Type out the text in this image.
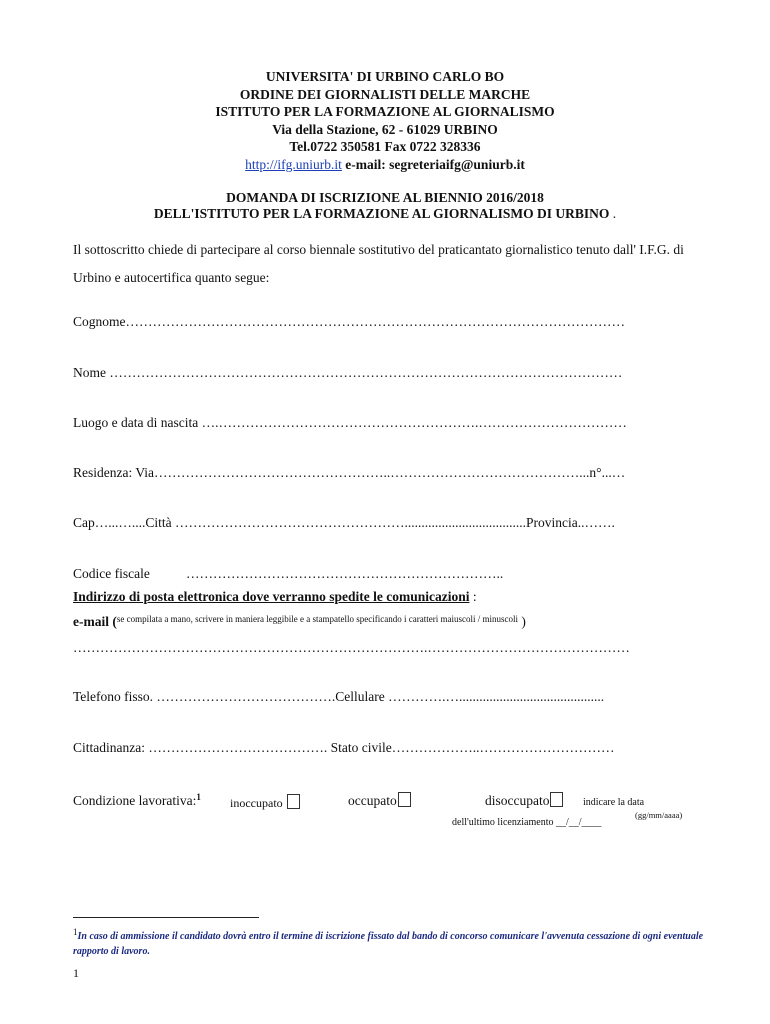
UNIVERSITA' DI URBINO CARLO BO
ORDINE DEI GIORNALISTI DELLE MARCHE
ISTITUTO PER LA FORMAZIONE AL GIORNALISMO
Via della Stazione, 62 - 61029 URBINO
Tel.0722 350581 Fax 0722 328336
http://ifg.uniurb.it e-mail: segreteriaifg@uniurb.it
DOMANDA DI ISCRIZIONE AL BIENNIO 2016/2018
DELL'ISTITUTO PER LA FORMAZIONE AL GIORNALISMO DI URBINO .
Il sottoscritto chiede di partecipare al corso biennale sostitutivo del praticantato giornalistico tenuto dall' I.F.G. di Urbino e autocertifica quanto segue:
Cognome…………………………………………………………………………………………………
Nome ……………………………………………………………………………………………………
Luogo e data di nascita ….………………………………………………….……………………………
Residenza: Via……………………………………………..……………………………………...n°...…
Cap…...…....Città ……………………………………………....................................Provincia..…….
Codice fiscale	……………………………………………………………..
Indirizzo di posta elettronica dove verranno spedite le comunicazioni :
e-mail ($^{se compilata a mano, scrivere in maniera leggibile e a stampatello specificando i caratteri maiuscoli / minuscoli}$ )
…………………………………………………………………….………………………………………
Telefono fisso. ………………………………….Cellulare ………….…...........................................
Cittadinanza: …………………………………. Stato civile………………..…………………………
Condizione lavorativa:$^1$ inoccupato	occupato	disoccupato	indicare la data
(gg/mm/aaaa)
dell'ultimo licenziamento __/__/____
1In caso di ammissione il candidato dovrà entro il termine di iscrizione fissato dal bando di concorso comunicare l'avvenuta cessazione di ogni eventuale rapporto di lavoro.
1
